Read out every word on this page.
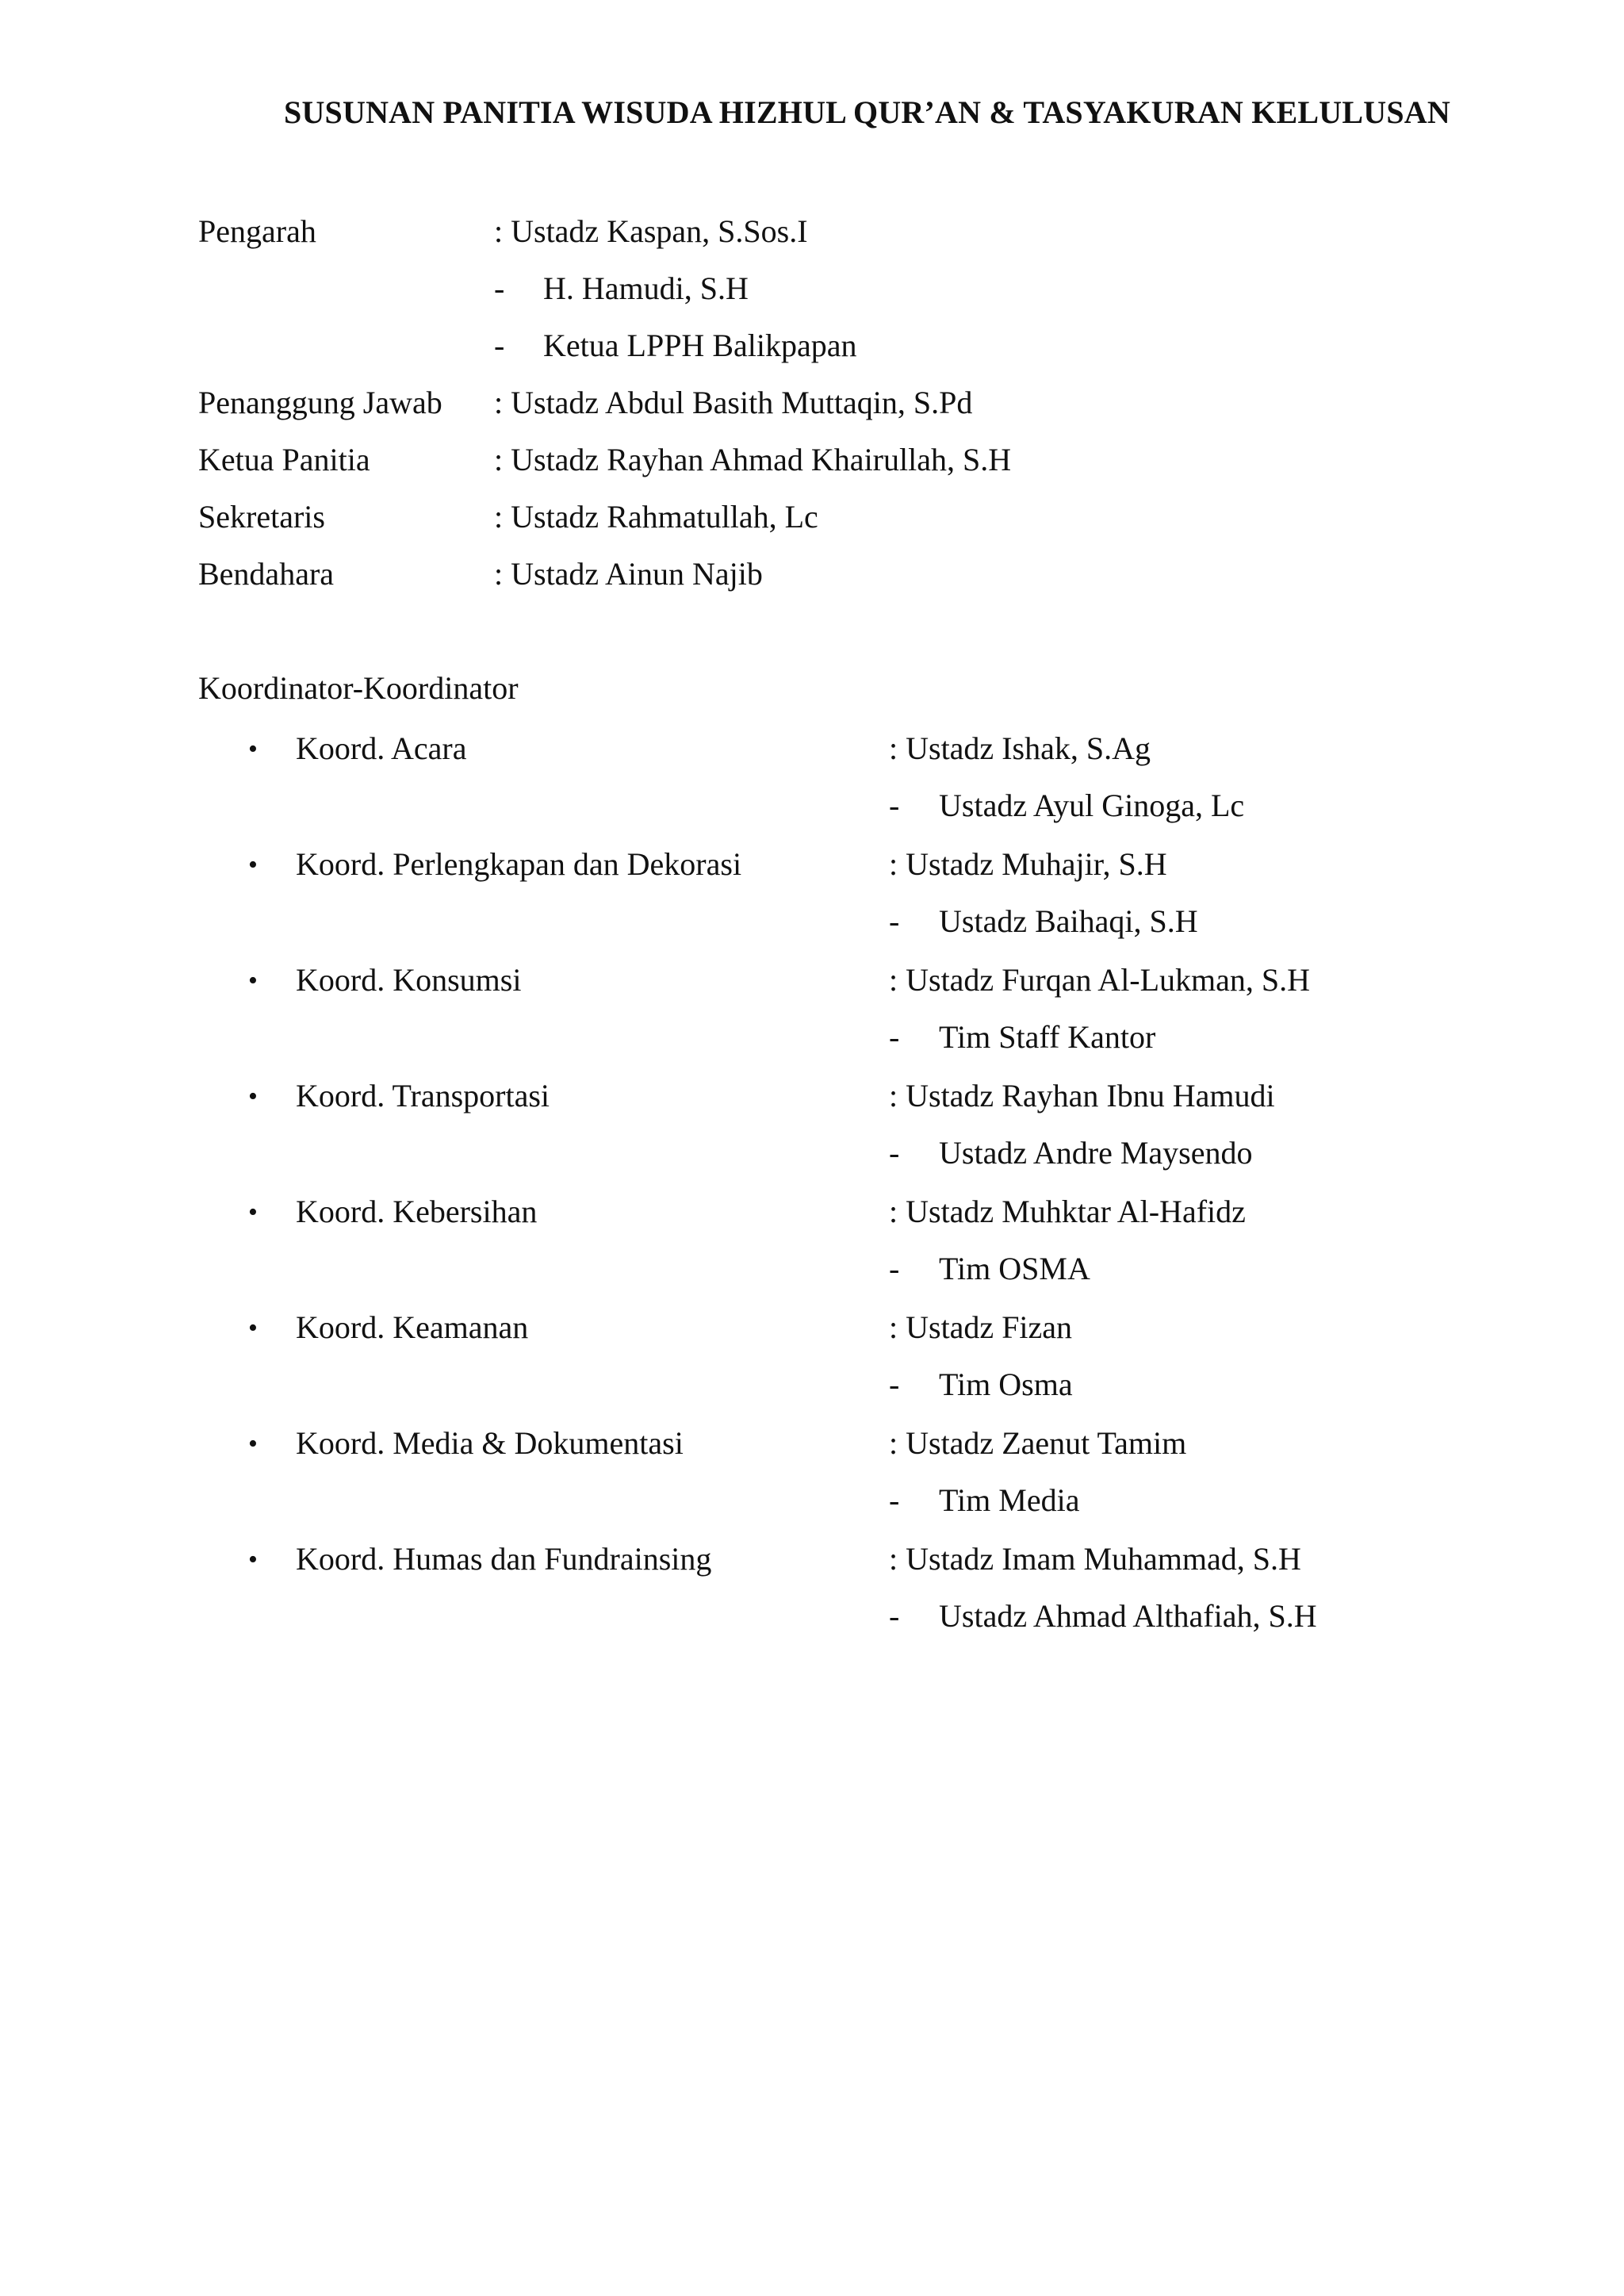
SUSUNAN PANITIA WISUDA HIZHUL QUR’AN & TASYAKURAN KELULUSAN
Pengarah	: Ustadz Kaspan, S.Sos.I
- H. Hamudi, S.H
- Ketua LPPH Balikpapan
Penanggung Jawab : Ustadz Abdul Basith Muttaqin, S.Pd
Ketua Panitia	: Ustadz Rayhan Ahmad Khairullah, S.H
Sekretaris	: Ustadz Rahmatullah, Lc
Bendahara	: Ustadz Ainun Najib
Koordinator-Koordinator
• Koord. Acara	: Ustadz Ishak, S.Ag
- Ustadz Ayul Ginoga, Lc
• Koord. Perlengkapan dan Dekorasi	: Ustadz Muhajir, S.H
- Ustadz Baihaqi, S.H
• Koord. Konsumsi	: Ustadz Furqan Al-Lukman, S.H
- Tim Staff Kantor
• Koord. Transportasi	: Ustadz Rayhan Ibnu Hamudi
- Ustadz Andre Maysendo
• Koord. Kebersihan	: Ustadz Muhktar Al-Hafidz
- Tim OSMA
• Koord. Keamanan	: Ustadz Fizan
- Tim Osma
• Koord. Media & Dokumentasi	: Ustadz Zaenut Tamim
- Tim Media
• Koord. Humas dan Fundrainsing	: Ustadz Imam Muhammad, S.H
- Ustadz Ahmad Althafiah, S.H
